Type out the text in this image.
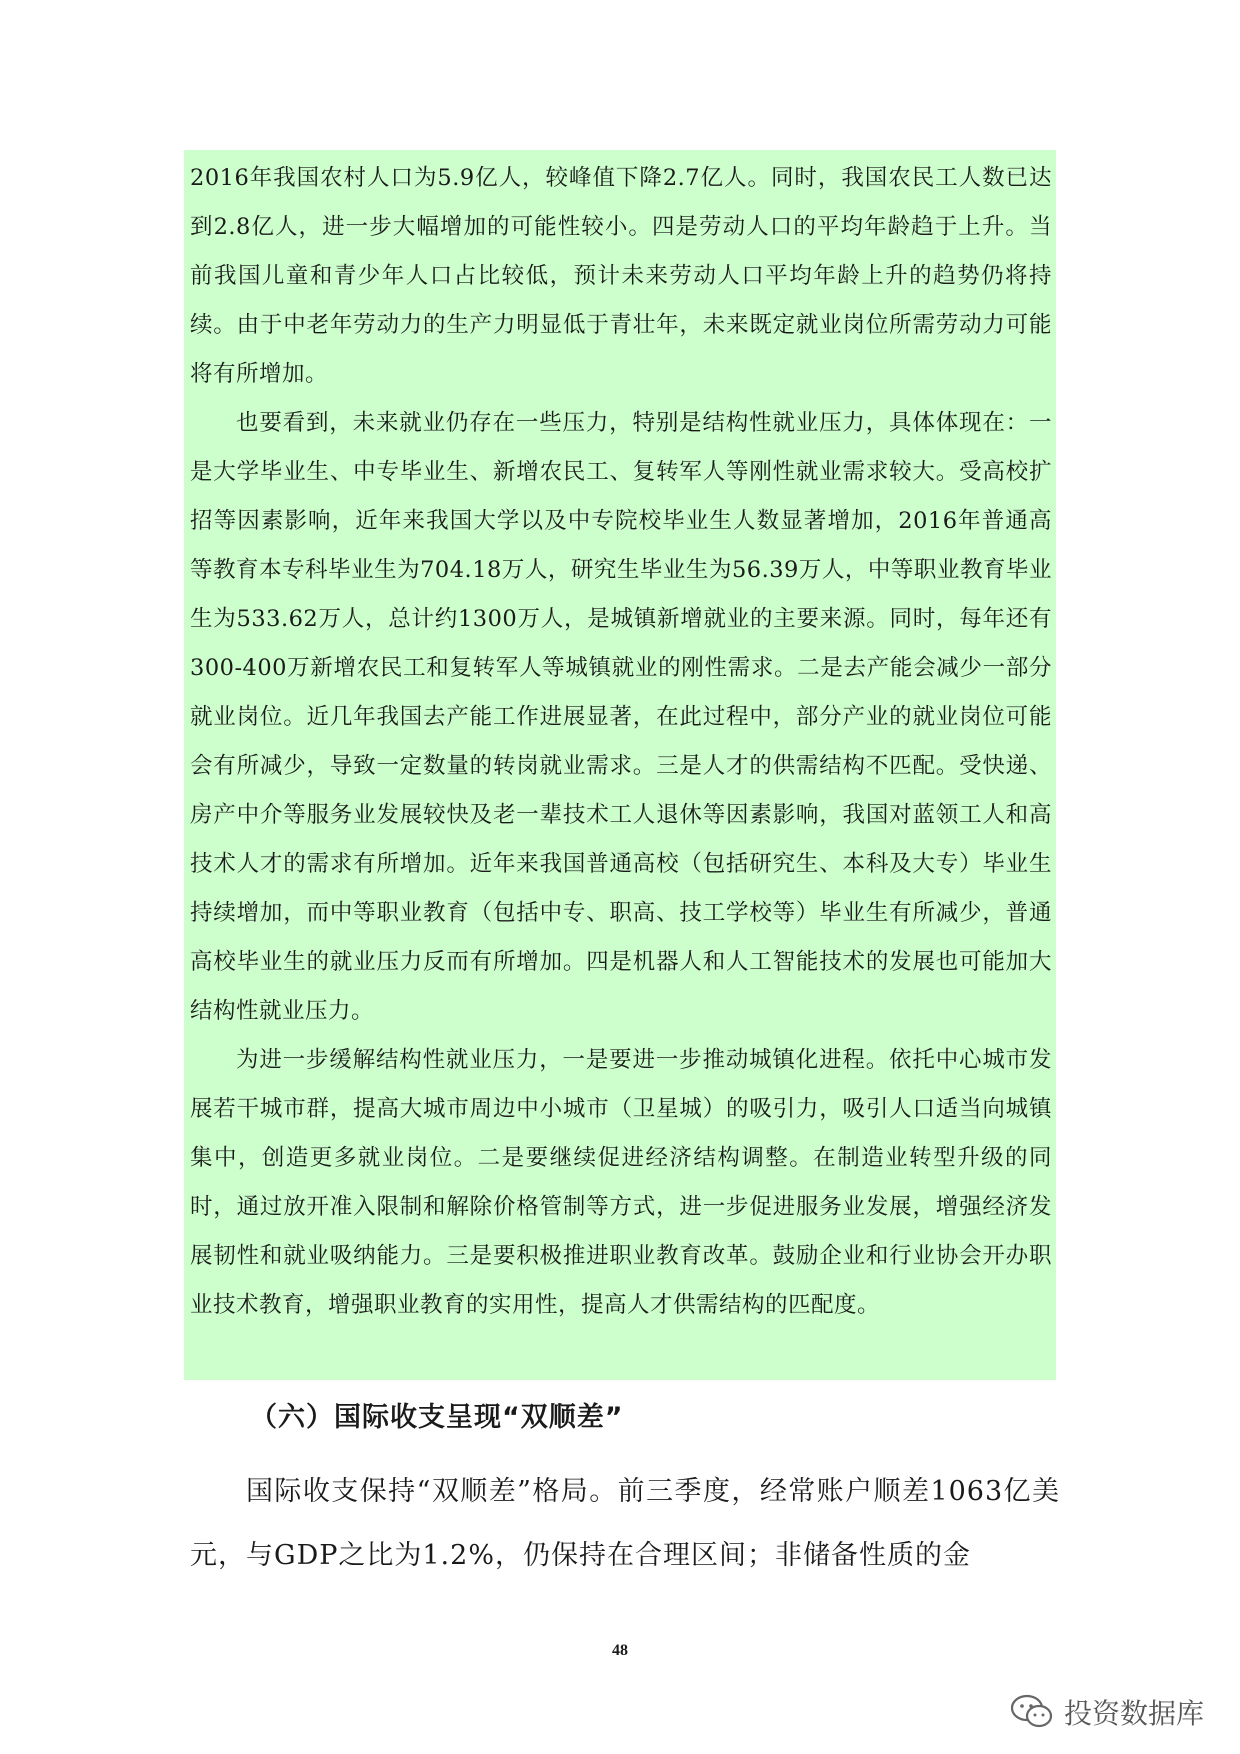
2016年我国农村人口为5.9亿人，较峰值下降2.7亿人。同时，我国农民工人数已达到2.8亿人，进一步大幅增加的可能性较小。四是劳动人口的平均年龄趋于上升。当前我国儿童和青少年人口占比较低，预计未来劳动人口平均年龄上升的趋势仍将持续。由于中老年劳动力的生产力明显低于青壮年，未来既定就业岗位所需劳动力可能将有所增加。

也要看到，未来就业仍存在一些压力，特别是结构性就业压力，具体体现在：一是大学毕业生、中专毕业生、新增农民工、复转军人等刚性就业需求较大。受高校扩招等因素影响，近年来我国大学以及中专院校毕业生人数显著增加，2016年普通高等教育本专科毕业生为704.18万人，研究生毕业生为56.39万人，中等职业教育毕业生为533.62万人，总计约1300万人，是城镇新增就业的主要来源。同时，每年还有300-400万新增农民工和复转军人等城镇就业的刚性需求。二是去产能会减少一部分就业岗位。近几年我国去产能工作进展显著，在此过程中，部分产业的就业岗位可能会有所减少，导致一定数量的转岗就业需求。三是人才的供需结构不匹配。受快递、房产中介等服务业发展较快及老一辈技术工人退休等因素影响，我国对蓝领工人和高技术人才的需求有所增加。近年来我国普通高校（包括研究生、本科及大专）毕业生持续增加，而中等职业教育（包括中专、职高、技工学校等）毕业生有所减少，普通高校毕业生的就业压力反而有所增加。四是机器人和人工智能技术的发展也可能加大结构性就业压力。

为进一步缓解结构性就业压力，一是要进一步推动城镇化进程。依托中心城市发展若干城市群，提高大城市周边中小城市（卫星城）的吸引力，吸引人口适当向城镇集中，创造更多就业岗位。二是要继续促进经济结构调整。在制造业转型升级的同时，通过放开准入限制和解除价格管制等方式，进一步促进服务业发展，增强经济发展韧性和就业吸纳能力。三是要积极推进职业教育改革。鼓励企业和行业协会开办职业技术教育，增强职业教育的实用性，提高人才供需结构的匹配度。

（六）国际收支呈现“双顺差”

国际收支保持“双顺差”格局。前三季度，经常账户顺差1063亿美元，与GDP之比为1.2%，仍保持在合理区间；非储备性质的金

48
投资数据库
